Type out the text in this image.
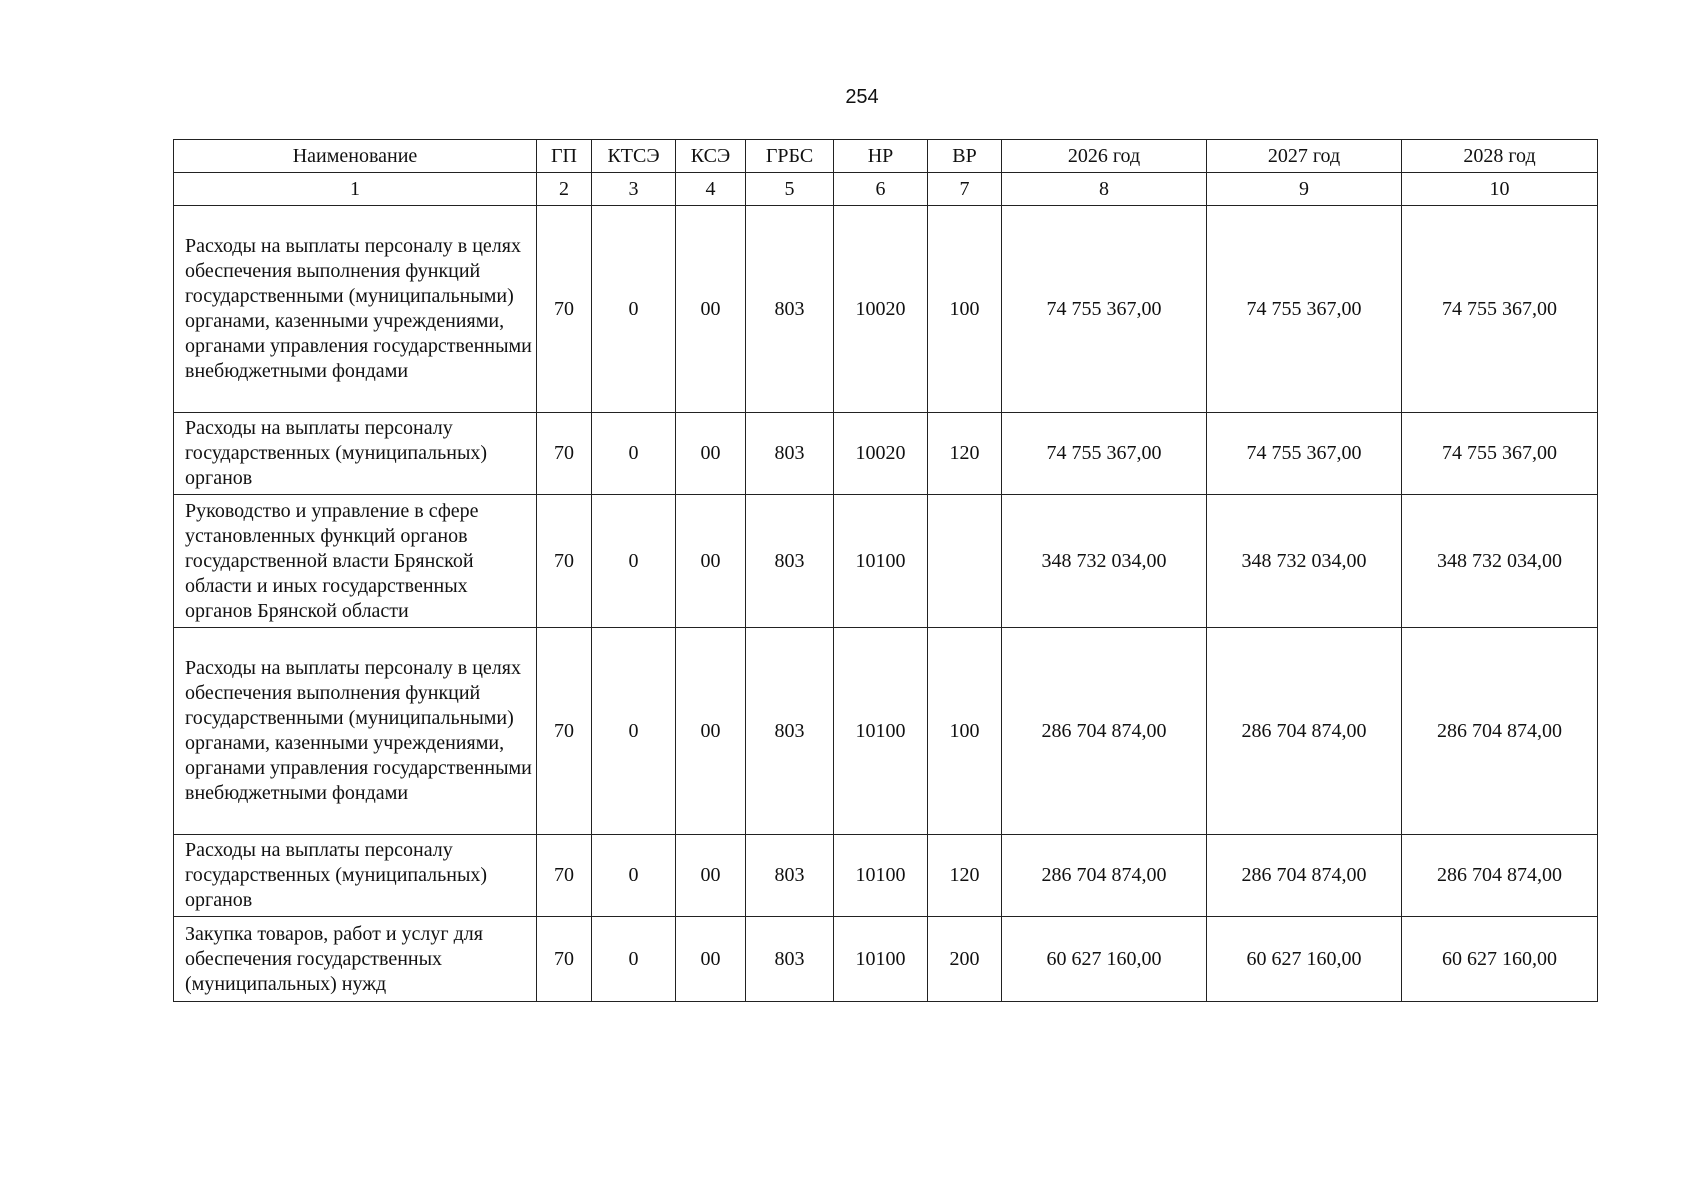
254
Наименование	ГП	КТСЭ	КСЭ	ГРБС	НР	ВР	2026 год	2027 год	2028 год
1	2	3	4	5	6	7	8	9	10
Расходы на выплаты персоналу в целях обеспечения выполнения функций государственными (муниципальными) органами, казенными учреждениями, органами управления государственными внебюджетными фондами	70	0	00	803	10020	100	74 755 367,00	74 755 367,00	74 755 367,00
Расходы на выплаты персоналу государственных (муниципальных) органов	70	0	00	803	10020	120	74 755 367,00	74 755 367,00	74 755 367,00
Руководство и управление в сфере установленных функций органов государственной власти Брянской области и иных государственных органов Брянской области	70	0	00	803	10100		348 732 034,00	348 732 034,00	348 732 034,00
Расходы на выплаты персоналу в целях обеспечения выполнения функций государственными (муниципальными) органами, казенными учреждениями, органами управления государственными внебюджетными фондами	70	0	00	803	10100	100	286 704 874,00	286 704 874,00	286 704 874,00
Расходы на выплаты персоналу государственных (муниципальных) органов	70	0	00	803	10100	120	286 704 874,00	286 704 874,00	286 704 874,00
Закупка товаров, работ и услуг для обеспечения государственных (муниципальных) нужд	70	0	00	803	10100	200	60 627 160,00	60 627 160,00	60 627 160,00
